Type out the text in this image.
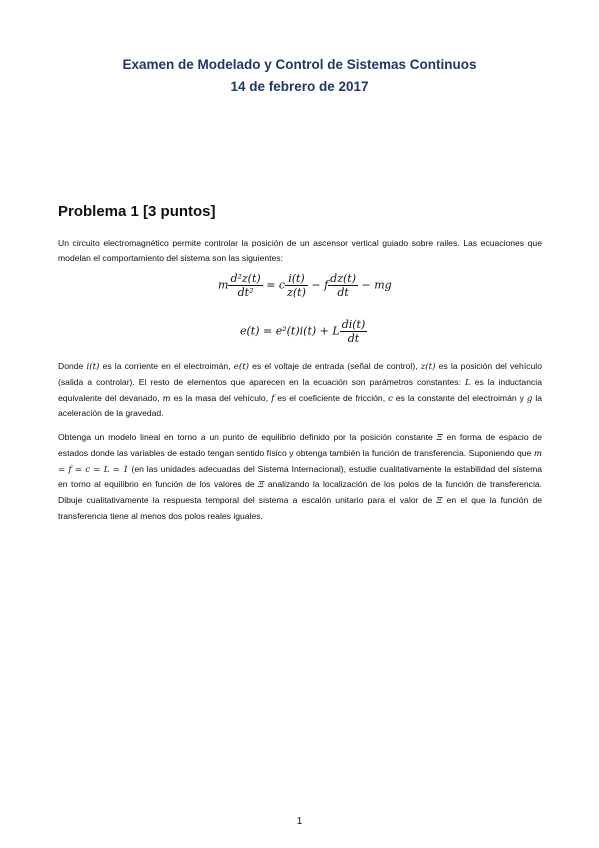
Examen de Modelado y Control de Sistemas Continuos
14 de febrero de 2017
Problema 1 [3 puntos]
Un circuito electromagnético permite controlar la posición de un ascensor vertical guiado sobre railes. Las ecuaciones que modelan el comportamiento del sistema son las siguientes:
m $\frac{\text{d²z(t)}}{\text{dt²}} = c \frac{i(t)}{z(t)} - f \frac{dz(t)}{dt}$ − mg
e(t) = e²(t)i(t) + L $\frac{di(t)}{dt}$
Donde i(t) es la corriente en el electroimán, e(t) es el voltaje de entrada (señal de control), z(t) es la posición del vehículo (salida a controlar). El resto de elementos que aparecen en la ecuación son parámetros constantes: L es la inductancia equivalente del devanado, m es la masa del vehículo, f es el coeficiente de fricción, c es la constante del electroimán y g la aceleración de la gravedad.
Obtenga un modelo lineal en torno a un punto de equilibrio definido por la posición constante Ξ en forma de espacio de estados donde las variables de estado tengan sentido físico y obtenga también la función de transferencia. Suponiendo que m = f = c = L = 1 (en las unidades adecuadas del Sistema Internacional), estudie cualitativamente la estabilidad del sistema en torno al equilibrio en función de los valores de Ξ analizando la localización de los polos de la función de transferencia. Dibuje cualitativamente la respuesta temporal del sistema a escalón unitario para el valor de Ξ en el que la función de transferencia tiene al menos dos polos reales iguales.
1
